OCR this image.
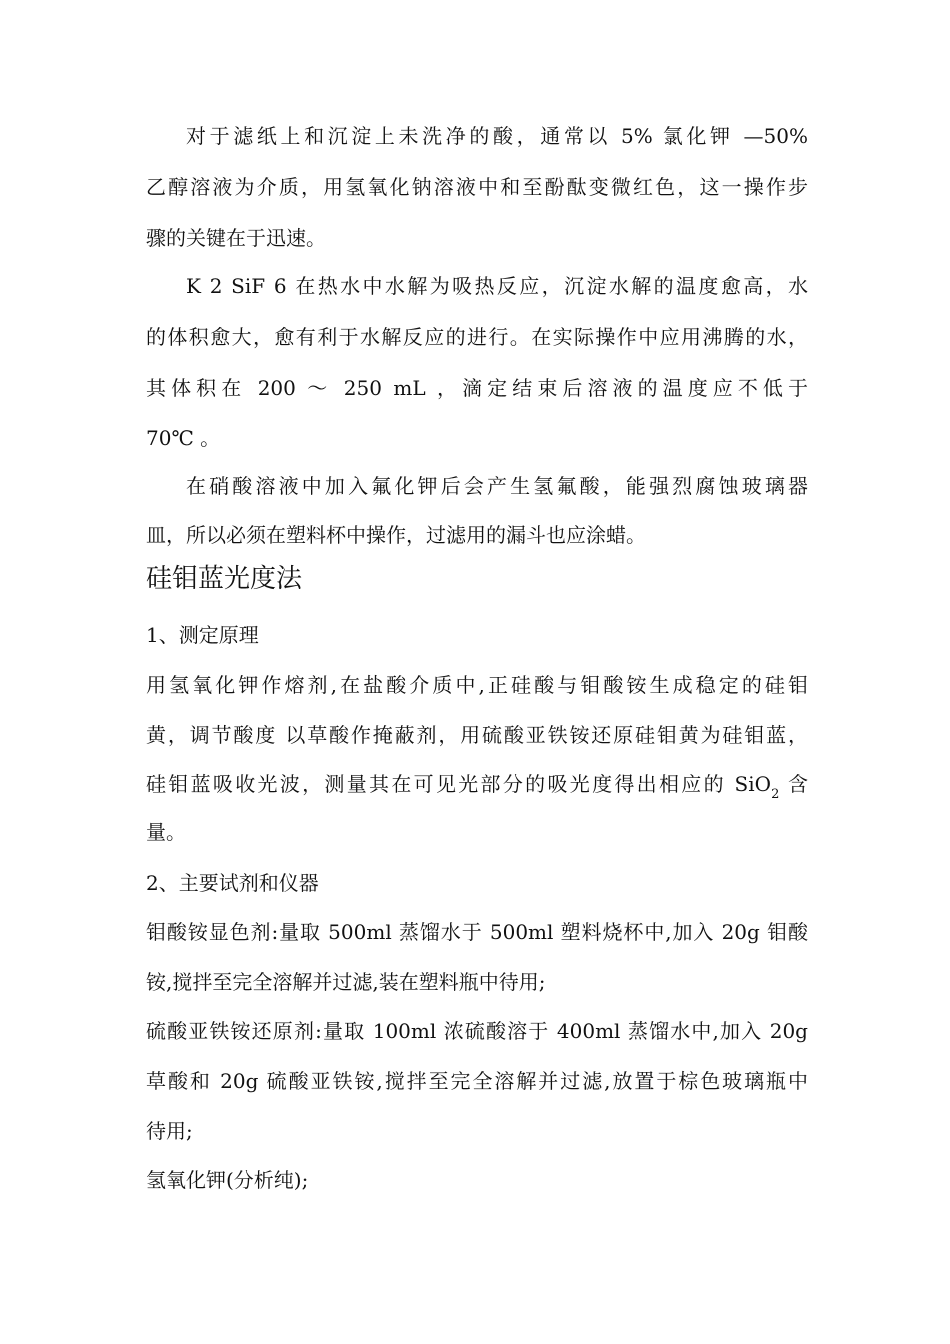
对于滤纸上和沉淀上未洗净的酸，通常以 5% 氯化钾 —50%
乙醇溶液为介质，用氢氧化钠溶液中和至酚酞变微红色，这一操作步
骤的关键在于迅速。
K 2 SiF 6 在热水中水解为吸热反应，沉淀水解的温度愈高，水
的体积愈大，愈有利于水解反应的进行。在实际操作中应用沸腾的水，
其体积在 200 ～ 250 mL ，滴定结束后溶液的温度应不低于
70℃ 。
在硝酸溶液中加入氟化钾后会产生氢氟酸，能强烈腐蚀玻璃器
皿，所以必须在塑料杯中操作，过滤用的漏斗也应涂蜡。
硅钼蓝光度法
1、测定原理
用氢氧化钾作熔剂,在盐酸介质中,正硅酸与钼酸铵生成稳定的硅钼
黄，调节酸度 以草酸作掩蔽剂，用硫酸亚铁铵还原硅钼黄为硅钼蓝，
硅钼蓝吸收光波，测量其在可见光部分的吸光度得出相应的 SiO$_2$ 含
量。
2、主要试剂和仪器
钼酸铵显色剂:量取 500ml 蒸馏水于 500ml 塑料烧杯中,加入 20g 钼酸
铵,搅拌至完全溶解并过滤,装在塑料瓶中待用;
硫酸亚铁铵还原剂:量取 100ml 浓硫酸溶于 400ml 蒸馏水中,加入 20g
草酸和 20g 硫酸亚铁铵,搅拌至完全溶解并过滤,放置于棕色玻璃瓶中
待用;
氢氧化钾(分析纯);
